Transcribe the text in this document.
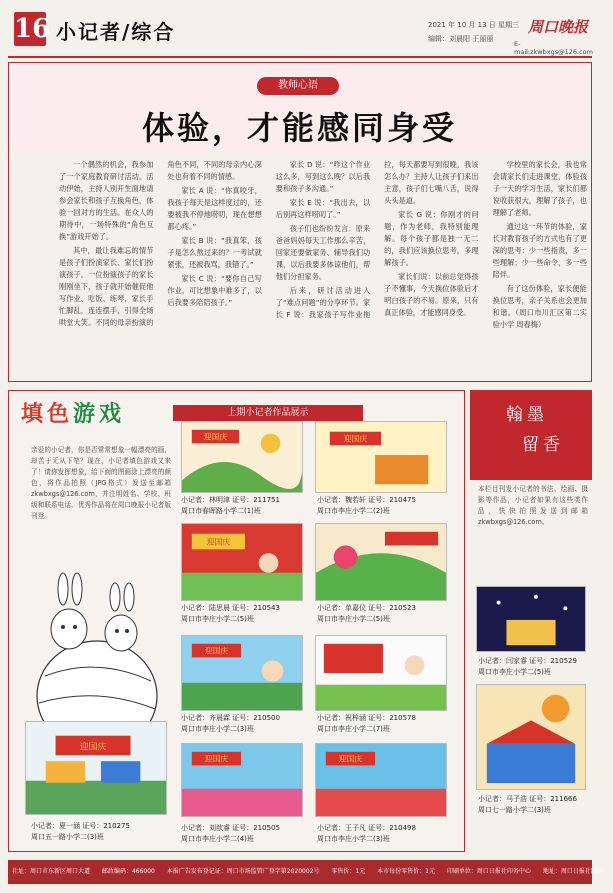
16 小记者/综合	2021 年 10 月 13 日 星期三
编辑：刘晨阳 王丽丽
周口晚报
E-mail:zkwbxgs@126.com
教师心语
体验，才能感同身受

一个偶然的机会，我参加了一个家庭教育研讨活动。活动伊始，主持人别开生面地请参会家长和孩子互换角色，体验一回对方的生活。在众人的期待中，一场特殊的“角色互换”游戏开始了。

其中，最让我难忘的情节是孩子们扮演家长、家长们扮演孩子。一位扮演孩子的家长刚刚坐下，孩子就开始催促他写作业、吃饭、练琴，家长手忙脚乱，连连摆手，引得全场哄堂大笑。不同的母亲扮演的角色不同，不同的母亲内心深处也有着不同的情感。

家长 A 说：“你真咬牙，我孩子每天是这样度过的，还要被我不停地唠叨，现在想想都心疼。”

家长 B 说：“我真笨，孩子是怎么熬过来的？一考试就紧张，还被我骂，我错了。”

家长 C 说：“要你自己写作业，可比想象中难多了，以后我要多陪陪孩子。”

家长 D 说：“咋这个作业这么多，写到这么晚？以后我要和孩子多沟通。”

家长 E 说：“我出去，以后别再这样唠叨了。”

孩子们也纷纷发言：原来爸爸妈妈每天工作那么辛苦，回家还要做家务、辅导我们功课，以后我要多体谅他们，帮他们分担家务。

后来，研讨活动进入了“难点问题”的分享环节。家长 F 说：我家孩子写作业拖拉，每天都要写到很晚，我该怎么办？主持人让孩子们来出主意，孩子们七嘴八舌，说得头头是道。

家长 G 说：你刚才的问题，作为老师，我特别能理解。每个孩子都是独一无二的，我们应该换位思考，多理解孩子。

家长们说：以前总觉得孩子不懂事，今天换位体验后才明白孩子的不易。原来，只有真正体验，才能感同身受。

学校里的家长会，我也常会请家长们走进课堂，体验孩子一天的学习生活，家长们都说收获很大，理解了孩子，也理解了老师。

通过这一环节的体验，家长对教育孩子的方式也有了更深的思考：少一些指责，多一些理解；少一些命令，多一些陪伴。

有了这份体验，家长便能换位思考，亲子关系也会更加和谐。（周口市川汇区第二实验小学 周春梅）

填色游戏	上期小记者作品展示
亲爱的小记者，你是否常常想象一幅漂亮的画，却苦于无从下笔？现在，小记者填色游戏又来了！请你发挥想象，给下面的图画涂上漂亮的颜色，将作品拍照（JPG格式）发送至邮箱 zkwbxgs@126.com，并注明姓名、学校、班级和联系电话。优秀作品将在周口晚报小记者版刊登。
迎国庆
小记者：夏一涵 证号：210275
周口五一路小学二(3)班
迎国庆
小记者：林明津 证号：211751
周口市春晖路小学二(1)班
迎国庆
小记者：陆思晨 证号：210543
周口市李庄小学二(5)班
迎国庆
小记者：齐晨霖 证号：210500
周口市李庄小学二(3)班
迎国庆
小记者：刘歆睿 证号：210505
周口市李庄小学二(4)班
迎国庆
小记者：魏若轩 证号：210475
周口市李庄小学二(2)班
小记者：单嘉仪 证号：210523
周口市李庄小学二(5)班
小记者：祝梓涵 证号：210578
周口市李庄小学二(7)班
迎国庆
小记者：王子凡 证号：210498
周口市李庄小学二(3)班
翰墨
留香
本栏目刊发小记者的书法、绘画、摄影等作品，小记者如果有这些类作品，快快拍照发送到邮箱zkwbxgs@126.com。
小记者：闫家睿 证号：210529
周口市李庄小学二(5)班
小记者：马子浩 证号：211666
周口七一路小学二(3)班
社址：周口市东新区周口大道 邮政编码：466000 本报广告发布登记证：周口市场监管广登字第2020002号 零售价：1元 本市每份零售价：1元 印刷单位：周口日报社印务中心 地址：周口日报社院内
